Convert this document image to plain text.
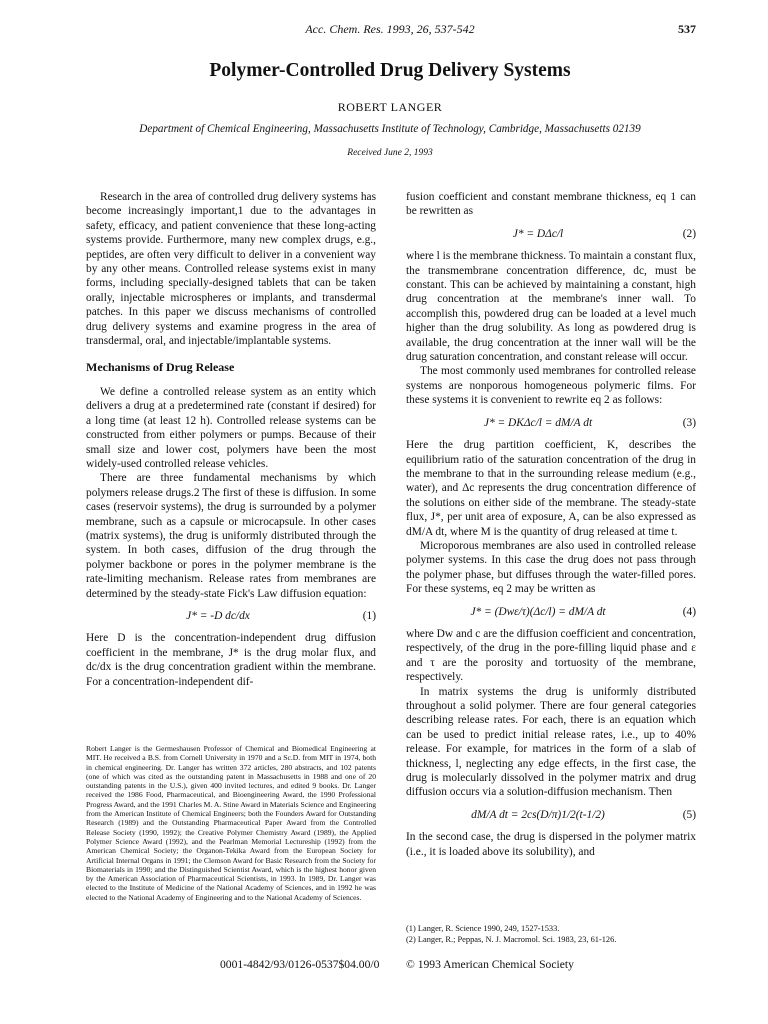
Acc. Chem. Res. 1993, 26, 537-542	537
Polymer-Controlled Drug Delivery Systems
ROBERT LANGER
Department of Chemical Engineering, Massachusetts Institute of Technology, Cambridge, Massachusetts 02139
Received June 2, 1993

Research in the area of controlled drug delivery systems has become increasingly important,1 due to the advantages in safety, efficacy, and patient convenience that these long-acting systems provide. Furthermore, many new complex drugs, e.g., peptides, are often very difficult to deliver in a convenient way by any other means. Controlled release systems exist in many forms, including specially-designed tablets that can be taken orally, injectable microspheres or implants, and transdermal patches. In this paper we discuss mechanisms of controlled drug delivery systems and examine progress in the area of transdermal, oral, and injectable/implantable systems.

Mechanisms of Drug Release

We define a controlled release system as an entity which delivers a drug at a predetermined rate (constant if desired) for a long time (at least 12 h). Controlled release systems can be constructed from either polymers or pumps. Because of their small size and lower cost, polymers have been the most widely-used controlled release vehicles.

There are three fundamental mechanisms by which polymers release drugs.2 The first of these is diffusion. In some cases (reservoir systems), the drug is surrounded by a polymer membrane, such as a capsule or microcapsule. In other cases (matrix systems), the drug is uniformly distributed through the system. In both cases, diffusion of the drug through the polymer backbone or pores in the polymer membrane is the rate-limiting mechanism. Release rates from membranes are determined by the steady-state Fick's Law diffusion equation:

J* = -D dc/dx	(1)

Here D is the concentration-independent drug diffusion coefficient in the membrane, J* is the drug molar flux, and dc/dx is the drug concentration gradient within the membrane. For a concentration-independent dif-

Robert Langer is the Germeshausen Professor of Chemical and Biomedical Engineering at MIT. He received a B.S. from Cornell University in 1970 and a Sc.D. from MIT in 1974, both in chemical engineering. Dr. Langer has written 372 articles, 280 abstracts, and 102 patents (one of which was cited as the outstanding patent in Massachusetts in 1988 and one of 20 outstanding patents in the U.S.), given 400 invited lectures, and edited 9 books. Dr. Langer received the 1986 Food, Pharmaceutical, and Bioengineering Award, the 1990 Professional Progress Award, and the 1991 Charles M. A. Stine Award in Materials Science and Engineering from the American Institute of Chemical Engineers; both the Founders Award for Outstanding Research (1989) and the Outstanding Pharmaceutical Paper Award from the Controlled Release Society (1990, 1992); the Creative Polymer Chemistry Award (1989), the Applied Polymer Science Award (1992), and the Pearlman Memorial Lectureship (1992) from the American Chemical Society; the Organon-Tekika Award from the European Society for Artificial Internal Organs in 1991; the Clemson Award for Basic Research from the Society for Biomaterials in 1990; and the Distinguished Scientist Award, which is the highest honor given by the American Association of Pharmaceutical Scientists, in 1993. In 1989, Dr. Langer was elected to the Institute of Medicine of the National Academy of Sciences, and in 1992 he was elected to the National Academy of Engineering and to the National Academy of Sciences.

fusion coefficient and constant membrane thickness, eq 1 can be rewritten as

J* = DΔc/l	(2)

where l is the membrane thickness. To maintain a constant flux, the transmembrane concentration difference, dc, must be constant. This can be achieved by maintaining a constant, high drug concentration at the membrane's inner wall. To accomplish this, powdered drug can be loaded at a level much higher than the drug solubility. As long as powdered drug is available, the drug concentration at the inner wall will be the drug saturation concentration, and constant release will occur.

The most commonly used membranes for controlled release systems are nonporous homogeneous polymeric films. For these systems it is convenient to rewrite eq 2 as follows:

J* = DKΔc/l = dM/A dt	(3)

Here the drug partition coefficient, K, describes the equilibrium ratio of the saturation concentration of the drug in the membrane to that in the surrounding release medium (e.g., water), and Δc represents the drug concentration difference of the solutions on either side of the membrane. The steady-state flux, J*, per unit area of exposure, A, can be also expressed as dM/A dt, where M is the quantity of drug released at time t.

Microporous membranes are also used in controlled release polymer systems. In this case the drug does not pass through the polymer phase, but diffuses through the water-filled pores. For these systems, eq 2 may be written as

J* = (Dwε/τ)(Δc/l) = dM/A dt	(4)

where Dw and c are the diffusion coefficient and concentration, respectively, of the drug in the pore-filling liquid phase and ε and τ are the porosity and tortuosity of the membrane, respectively.

In matrix systems the drug is uniformly distributed throughout a solid polymer. There are four general categories describing release rates. For each, there is an equation which can be used to predict initial release rates, i.e., up to 40% release. For example, for matrices in the form of a slab of thickness, l, neglecting any edge effects, in the first case, the drug is molecularly dissolved in the polymer matrix and drug diffusion occurs via a solution-diffusion mechanism. Then

dM/A dt = 2cs(D/π)1/2(t-1/2)	(5)

In the second case, the drug is dispersed in the polymer matrix (i.e., it is loaded above its solubility), and

(1) Langer, R. Science 1990, 249, 1527-1533.
(2) Langer, R.; Peppas, N. J. Macromol. Sci. 1983, 23, 61-126.
0001-4842/93/0126-0537$04.00/0 © 1993 American Chemical Society
